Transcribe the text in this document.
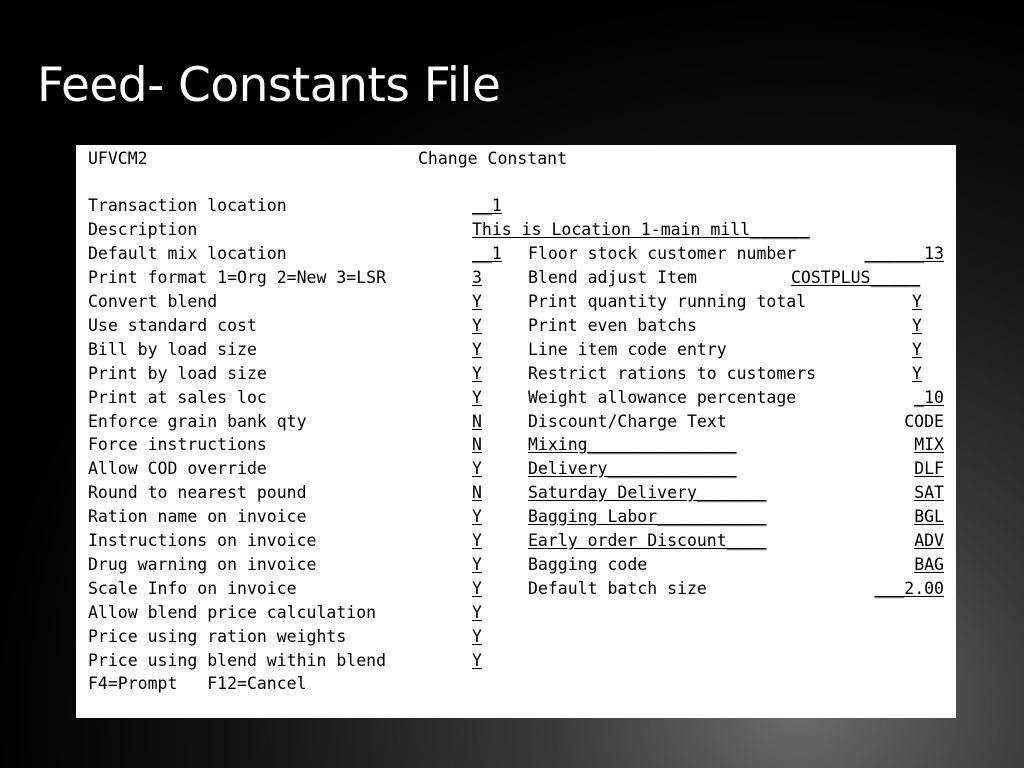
Feed- Constants File
UFVCM2	Change Constant
Transaction location
Description
Default mix location
Print format 1=Org 2=New 3=LSR
Convert blend
Use standard cost
Bill by load size
Print by load size
Print at sales loc
Enforce grain bank qty
Force instructions
Allow COD override
Round to nearest pound
Ration name on invoice
Instructions on invoice
Drug warning on invoice
Scale Info on invoice
Allow blend price calculation
Price using ration weights
Price using blend within blend
__1
This is Location 1-main mill______
__1
3
Y
Y
Y
Y
Y
N
N
Y
N
Y
Y
Y
Y
Y
Y
Y
Floor stock customer number
Blend adjust Item
Print quantity running total
Print even batchs
Line item code entry
Restrict rations to customers
Weight allowance percentage
Discount/Charge Text
Mixing_______________
Delivery_____________
Saturday Delivery_______
Bagging Labor___________
Early order Discount____
Bagging code
Default batch size
______13
COSTPLUS_____
Y
Y
Y
Y
_10
CODE
MIX
DLF
SAT
BGL
ADV
BAG
___2.00
F4=Prompt   F12=Cancel
